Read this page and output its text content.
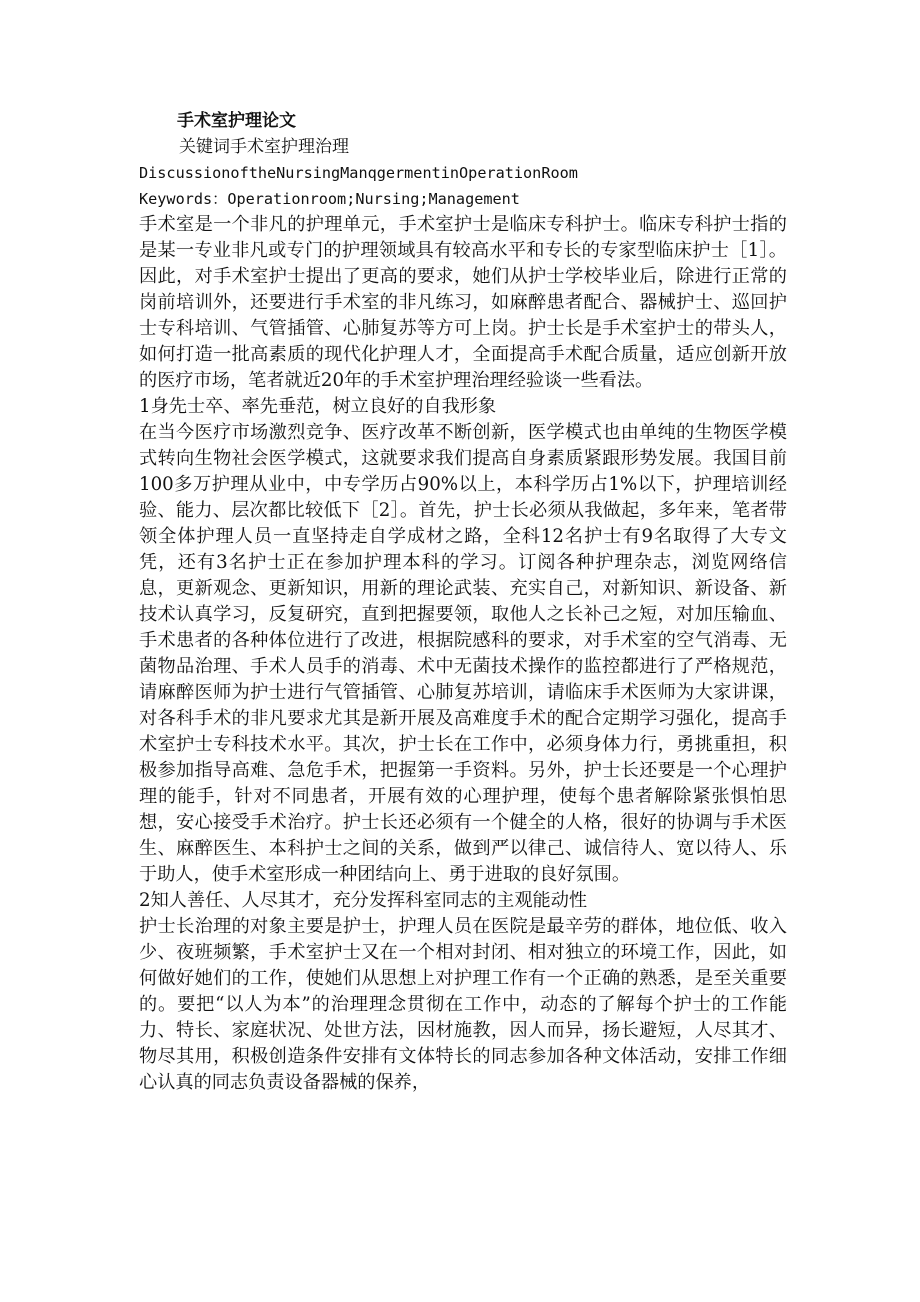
手术室护理论文

关键词手术室护理治理

DiscussionoftheNursingManqgermentinOperationRoom

Keywords：Operationroom;Nursing;Management

手术室是一个非凡的护理单元，手术室护士是临床专科护士。临床专科护士指的是某一专业非凡或专门的护理领域具有较高水平和专长的专家型临床护士［1］。因此，对手术室护士提出了更高的要求，她们从护士学校毕业后，除进行正常的岗前培训外，还要进行手术室的非凡练习，如麻醉患者配合、器械护士、巡回护士专科培训、气管插管、心肺复苏等方可上岗。护士长是手术室护士的带头人，如何打造一批高素质的现代化护理人才，全面提高手术配合质量，适应创新开放的医疗市场，笔者就近20年的手术室护理治理经验谈一些看法。

1身先士卒、率先垂范，树立良好的自我形象

在当今医疗市场激烈竞争、医疗改革不断创新，医学模式也由单纯的生物医学模式转向生物社会医学模式，这就要求我们提高自身素质紧跟形势发展。我国目前100多万护理从业中，中专学历占90%以上，本科学历占1%以下，护理培训经验、能力、层次都比较低下［2］。首先，护士长必须从我做起，多年来，笔者带领全体护理人员一直坚持走自学成材之路，全科12名护士有9名取得了大专文凭，还有3名护士正在参加护理本科的学习。订阅各种护理杂志，浏览网络信息，更新观念、更新知识，用新的理论武装、充实自己，对新知识、新设备、新技术认真学习，反复研究，直到把握要领，取他人之长补己之短，对加压输血、手术患者的各种体位进行了改进，根据院感科的要求，对手术室的空气消毒、无菌物品治理、手术人员手的消毒、术中无菌技术操作的监控都进行了严格规范，请麻醉医师为护士进行气管插管、心肺复苏培训，请临床手术医师为大家讲课，对各科手术的非凡要求尤其是新开展及高难度手术的配合定期学习强化，提高手术室护士专科技术水平。其次，护士长在工作中，必须身体力行，勇挑重担，积极参加指导高难、急危手术，把握第一手资料。另外，护士长还要是一个心理护理的能手，针对不同患者，开展有效的心理护理，使每个患者解除紧张惧怕思想，安心接受手术治疗。护士长还必须有一个健全的人格，很好的协调与手术医生、麻醉医生、本科护士之间的关系，做到严以律己、诚信待人、宽以待人、乐于助人，使手术室形成一种团结向上、勇于进取的良好氛围。

2知人善任、人尽其才，充分发挥科室同志的主观能动性

护士长治理的对象主要是护士，护理人员在医院是最辛劳的群体，地位低、收入少、夜班频繁，手术室护士又在一个相对封闭、相对独立的环境工作，因此，如何做好她们的工作，使她们从思想上对护理工作有一个正确的熟悉，是至关重要的。要把“以人为本”的治理理念贯彻在工作中，动态的了解每个护士的工作能力、特长、家庭状况、处世方法，因材施教，因人而异，扬长避短，人尽其才、物尽其用，积极创造条件安排有文体特长的同志参加各种文体活动，安排工作细心认真的同志负责设备器械的保养，
